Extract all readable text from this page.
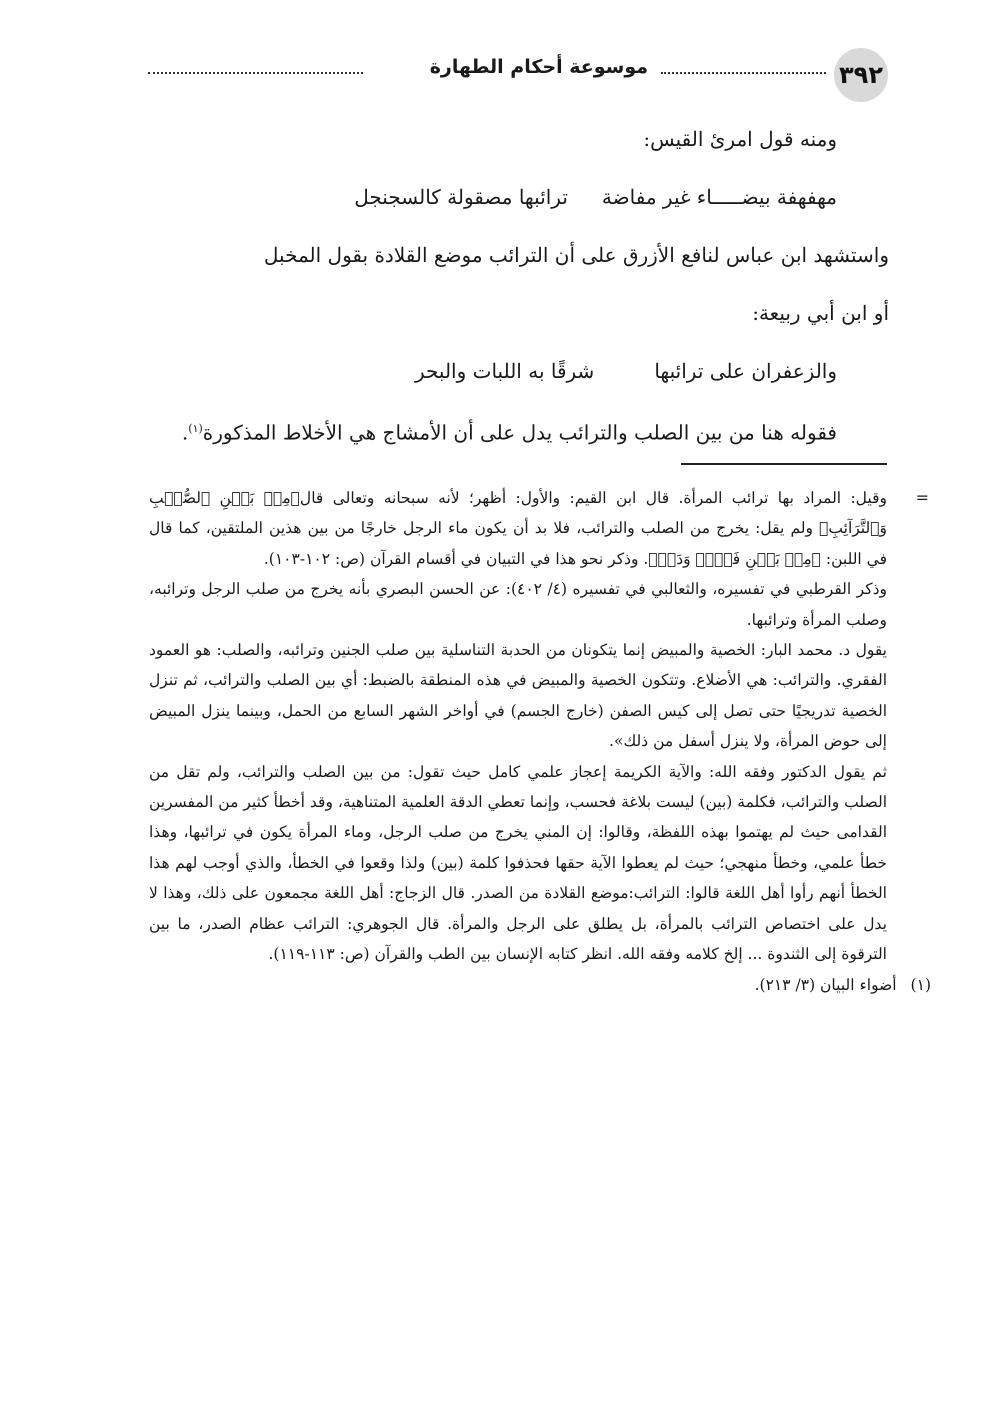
٣٩٢
موسوعة أحكام الطهارة

ومنه قول امرئ القيس:

مهفهفة بيضـــــاء غير مفاضة
ترائبها مصقولة كالسجنجل

واستشهد ابن عباس لنافع الأزرق على أن الترائب موضع القلادة بقول المخبل

أو ابن أبي ربيعة:

والزعفران على ترائبها
شرقًا به اللبات والبحر

فقوله هنا من بين الصلب والترائب يدل على أن الأمشاج هي الأخلاط المذكورة$^{(١)}$.

=

وقيل: المراد بها ترائب المرأة. قال ابن القيم: والأول: أظهر؛ لأنه سبحانه وتعالى قال﴿مِنۢ بَيۡنِ ٱلصُّلۡبِ وَٱلتَّرَآئِبِ﴾ ولم يقل: يخرج من الصلب والترائب، فلا بد أن يكون ماء الرجل خارجًا من بين هذين الملتقين، كما قال في اللبن: ﴿مِنۢ بَيۡنِ فَرۡثٖ وَدَمٖ﴾. وذكر نحو هذا في التبيان في أقسام القرآن (ص: ١٠٢-١٠٣).

وذكر القرطبي في تفسيره، والثعالبي في تفسيره (٤/ ٤٠٢): عن الحسن البصري بأنه يخرج من صلب الرجل وترائبه، وصلب المرأة وترائبها.

يقول د. محمد البار: الخصية والمبيض إنما يتكونان من الحدبة التناسلية بين صلب الجنين وترائبه، والصلب: هو العمود الفقري. والترائب: هي الأضلاع. وتتكون الخصية والمبيض في هذه المنطقة بالضبط: أي بين الصلب والترائب، ثم تنزل الخصية تدريجيًا حتى تصل إلى كيس الصفن (خارج الجسم) في أواخر الشهر السابع من الحمل، وبينما ينزل المبيض إلى حوض المرأة، ولا ينزل أسفل من ذلك».

ثم يقول الدكتور وفقه الله: والآية الكريمة إعجاز علمي كامل حيث تقول: من بين الصلب والترائب، ولم تقل من الصلب والترائب، فكلمة (بين) ليست بلاغة فحسب، وإنما تعطي الدقة العلمية المتناهية، وقد أخطأ كثير من المفسرين القدامى حيث لم يهتموا بهذه اللفظة، وقالوا: إن المني يخرج من صلب الرجل، وماء المرأة يكون في ترائبها، وهذا خطأ علمي، وخطأ منهجي؛ حيث لم يعطوا الآية حقها فحذفوا كلمة (بين) ولذا وقعوا في الخطأ، والذي أوجب لهم هذا الخطأ أنهم رأوا أهل اللغة قالوا: الترائب:موضع القلادة من الصدر. قال الزجاج: أهل اللغة مجمعون على ذلك، وهذا لا يدل على اختصاص الترائب بالمرأة، بل يطلق على الرجل والمرأة. قال الجوهري: الترائب عظام الصدر، ما بين الترقوة إلى الثندوة ... إلخ كلامه وفقه الله. انظر كتابه الإنسان بين الطب والقرآن (ص: ١١٣-١١٩).

(١)
أضواء البيان (٣/ ٢١٣).
